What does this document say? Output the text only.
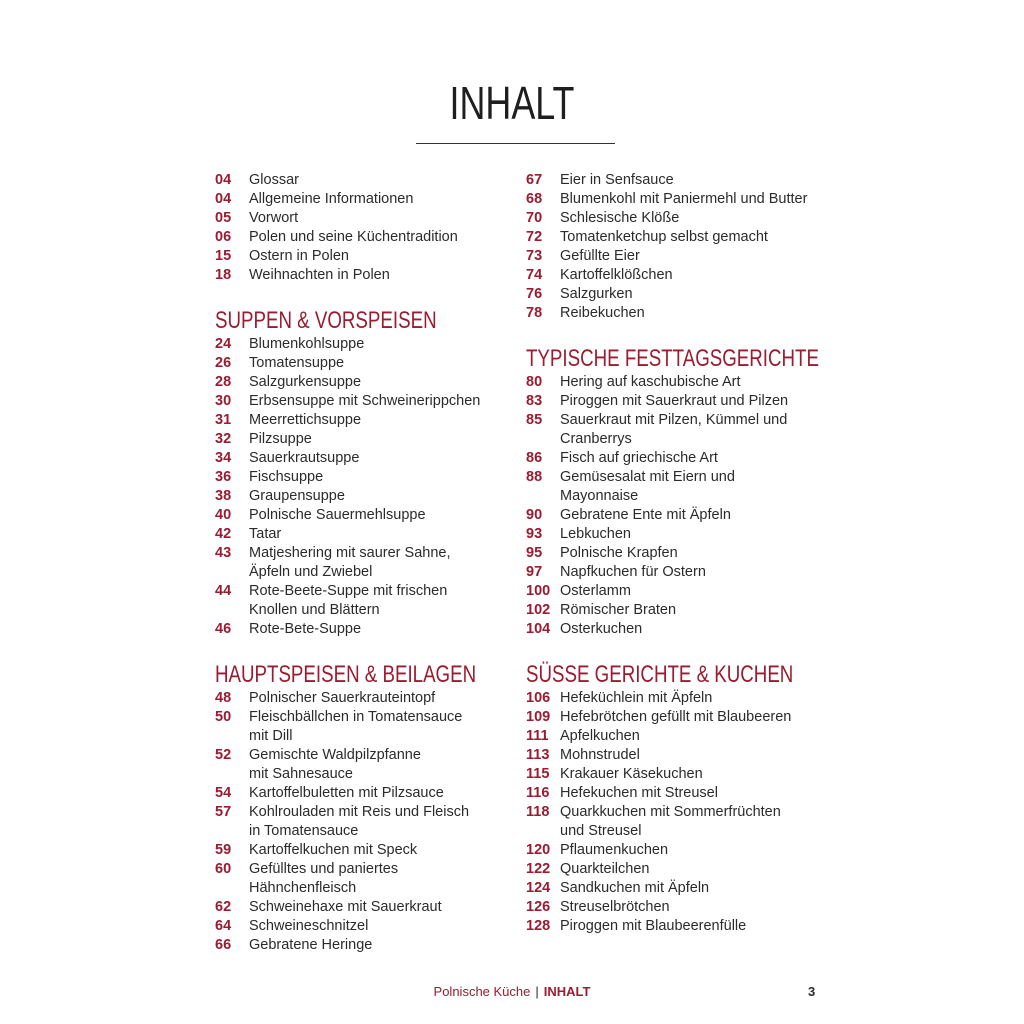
INHALT
04	Glossar
04	Allgemeine Informationen
05	Vorwort
06	Polen und seine Küchentradition
15	Ostern in Polen
18	Weihnachten in Polen
SUPPEN & VORSPEISEN
24	Blumenkohlsuppe
26	Tomatensuppe
28	Salzgurkensuppe
30	Erbsensuppe mit Schweinerippchen
31	Meerrettichsuppe
32	Pilzsuppe
34	Sauerkrautsuppe
36	Fischsuppe
38	Graupensuppe
40	Polnische Sauermehlsuppe
42	Tatar
43	Matjeshering mit saurer Sahne,
Äpfeln und Zwiebel
44	Rote-Beete-Suppe mit frischen
Knollen und Blättern
46	Rote-Bete-Suppe
HAUPTSPEISEN & BEILAGEN
48	Polnischer Sauerkrauteintopf
50	Fleischbällchen in Tomatensauce
mit Dill
52	Gemischte Waldpilzpfanne
mit Sahnesauce
54	Kartoffelbuletten mit Pilzsauce
57	Kohlrouladen mit Reis und Fleisch
in Tomatensauce
59	Kartoffelkuchen mit Speck
60	Gefülltes und paniertes
Hähnchenfleisch
62	Schweinehaxe mit Sauerkraut
64	Schweineschnitzel
66	Gebratene Heringe
67	Eier in Senfsauce
68	Blumenkohl mit Paniermehl und Butter
70	Schlesische Klöße
72	Tomatenketchup selbst gemacht
73	Gefüllte Eier
74	Kartoffelklößchen
76	Salzgurken
78	Reibekuchen
TYPISCHE FESTTAGSGERICHTE
80	Hering auf kaschubische Art
83	Piroggen mit Sauerkraut und Pilzen
85	Sauerkraut mit Pilzen, Kümmel und
Cranberrys
86	Fisch auf griechische Art
88	Gemüsesalat mit Eiern und
Mayonnaise
90	Gebratene Ente mit Äpfeln
93	Lebkuchen
95	Polnische Krapfen
97	Napfkuchen für Ostern
100 Osterlamm
102 Römischer Braten
104 Osterkuchen
SÜSSE GERICHTE & KUCHEN
106 Hefeküchlein mit Äpfeln
109 Hefebrötchen gefüllt mit Blaubeeren
111 Apfelkuchen
113 Mohnstrudel
115 Krakauer Käsekuchen
116 Hefekuchen mit Streusel
118 Quarkkuchen mit Sommerfrüchten
und Streusel
120 Pflaumenkuchen
122 Quarkteilchen
124 Sandkuchen mit Äpfeln
126 Streuselbrötchen
128 Piroggen mit Blaubeerenfülle
Polnische Küche | INHALT	3
